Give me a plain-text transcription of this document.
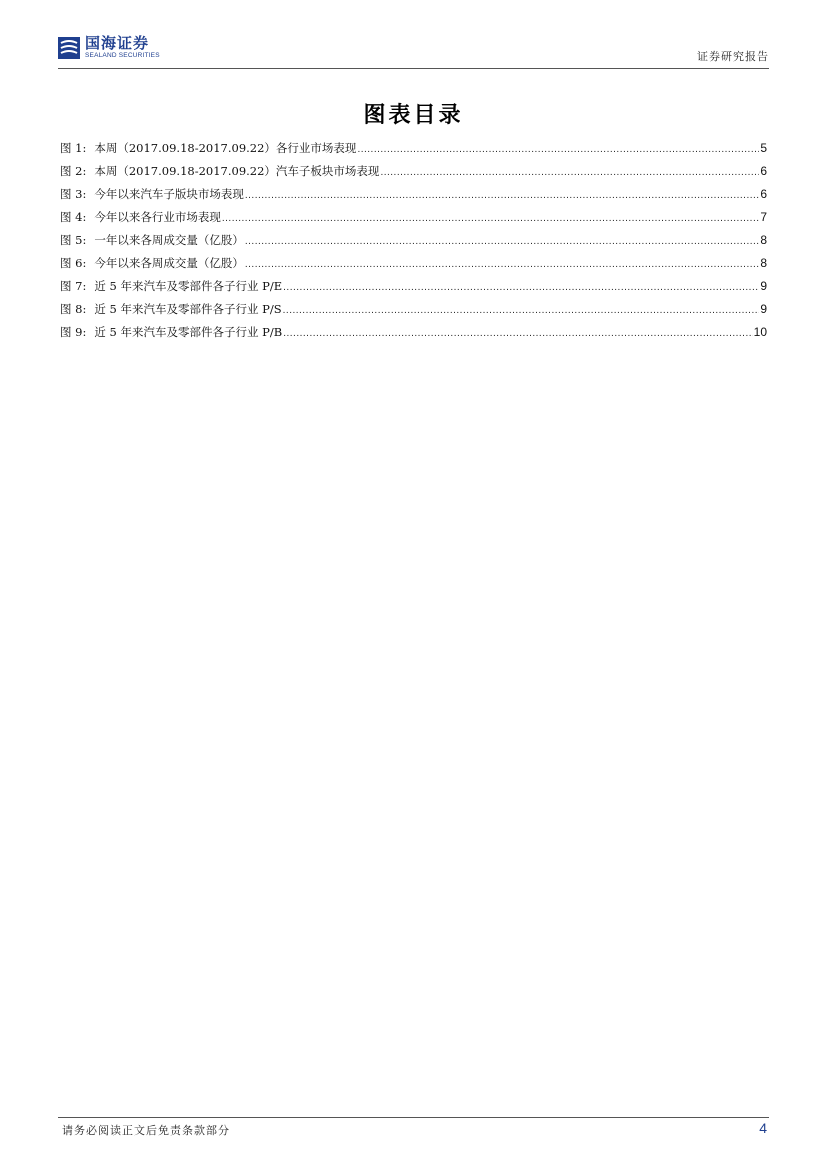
国海证券
SEALAND SECURITIES	证券研究报告
图表目录
图 1: 本周（2017.09.18-2017.09.22）各行业市场表现 .....	5
图 2: 本周（2017.09.18-2017.09.22）汽车子板块市场表现 .....	6
图 3: 今年以来汽车子版块市场表现 .....	6
图 4: 今年以来各行业市场表现 .....	7
图 5: 一年以来各周成交量（亿股） .....	8
图 6: 今年以来各周成交量（亿股） .....	8
图 7: 近 5 年来汽车及零部件各子行业 P/E .....	9
图 8: 近 5 年来汽车及零部件各子行业 P/S .....	9
图 9: 近 5 年来汽车及零部件各子行业 P/B .....	10
请务必阅读正文后免责条款部分	4
